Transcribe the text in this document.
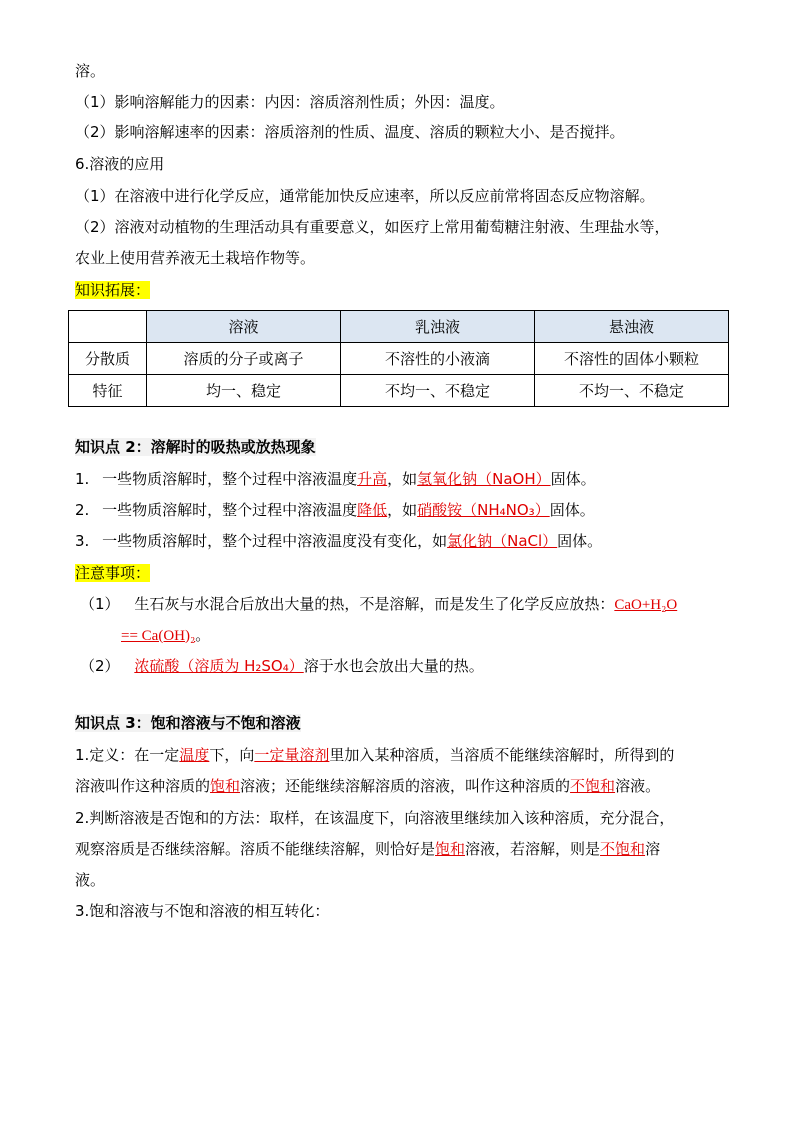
溶。
（1）影响溶解能力的因素：内因：溶质溶剂性质；外因：温度。
（2）影响溶解速率的因素：溶质溶剂的性质、温度、溶质的颗粒大小、是否搅拌。
6.溶液的应用
（1）在溶液中进行化学反应，通常能加快反应速率，所以反应前常将固态反应物溶解。
（2）溶液对动植物的生理活动具有重要意义，如医疗上常用葡萄糖注射液、生理盐水等，
农业上使用营养液无土栽培作物等。
知识拓展：
	溶液	乳浊液	悬浊液
分散质	溶质的分子或离子	不溶性的小液滴	不溶性的固体小颗粒
特征	均一、稳定	不均一、不稳定	不均一、不稳定
知识点 2：溶解时的吸热或放热现象
1. 一些物质溶解时，整个过程中溶液温度升高，如氢氧化钠（NaOH）固体。
2. 一些物质溶解时，整个过程中溶液温度降低，如硝酸铵（NH₄NO₃）固体。
3. 一些物质溶解时，整个过程中溶液温度没有变化，如氯化钠（NaCl）固体。
注意事项：
（1） 生石灰与水混合后放出大量的热，不是溶解，而是发生了化学反应放热：CaO+H₂O
== Ca(OH)₂。
（2） 浓硫酸（溶质为 H₂SO₄）溶于水也会放出大量的热。
知识点 3：饱和溶液与不饱和溶液
1.定义：在一定温度下，向一定量溶剂里加入某种溶质，当溶质不能继续溶解时，所得到的
溶液叫作这种溶质的饱和溶液；还能继续溶解溶质的溶液，叫作这种溶质的不饱和溶液。
2.判断溶液是否饱和的方法：取样，在该温度下，向溶液里继续加入该种溶质，充分混合，
观察溶质是否继续溶解。溶质不能继续溶解，则恰好是饱和溶液，若溶解，则是不饱和溶
液。
3.饱和溶液与不饱和溶液的相互转化：
